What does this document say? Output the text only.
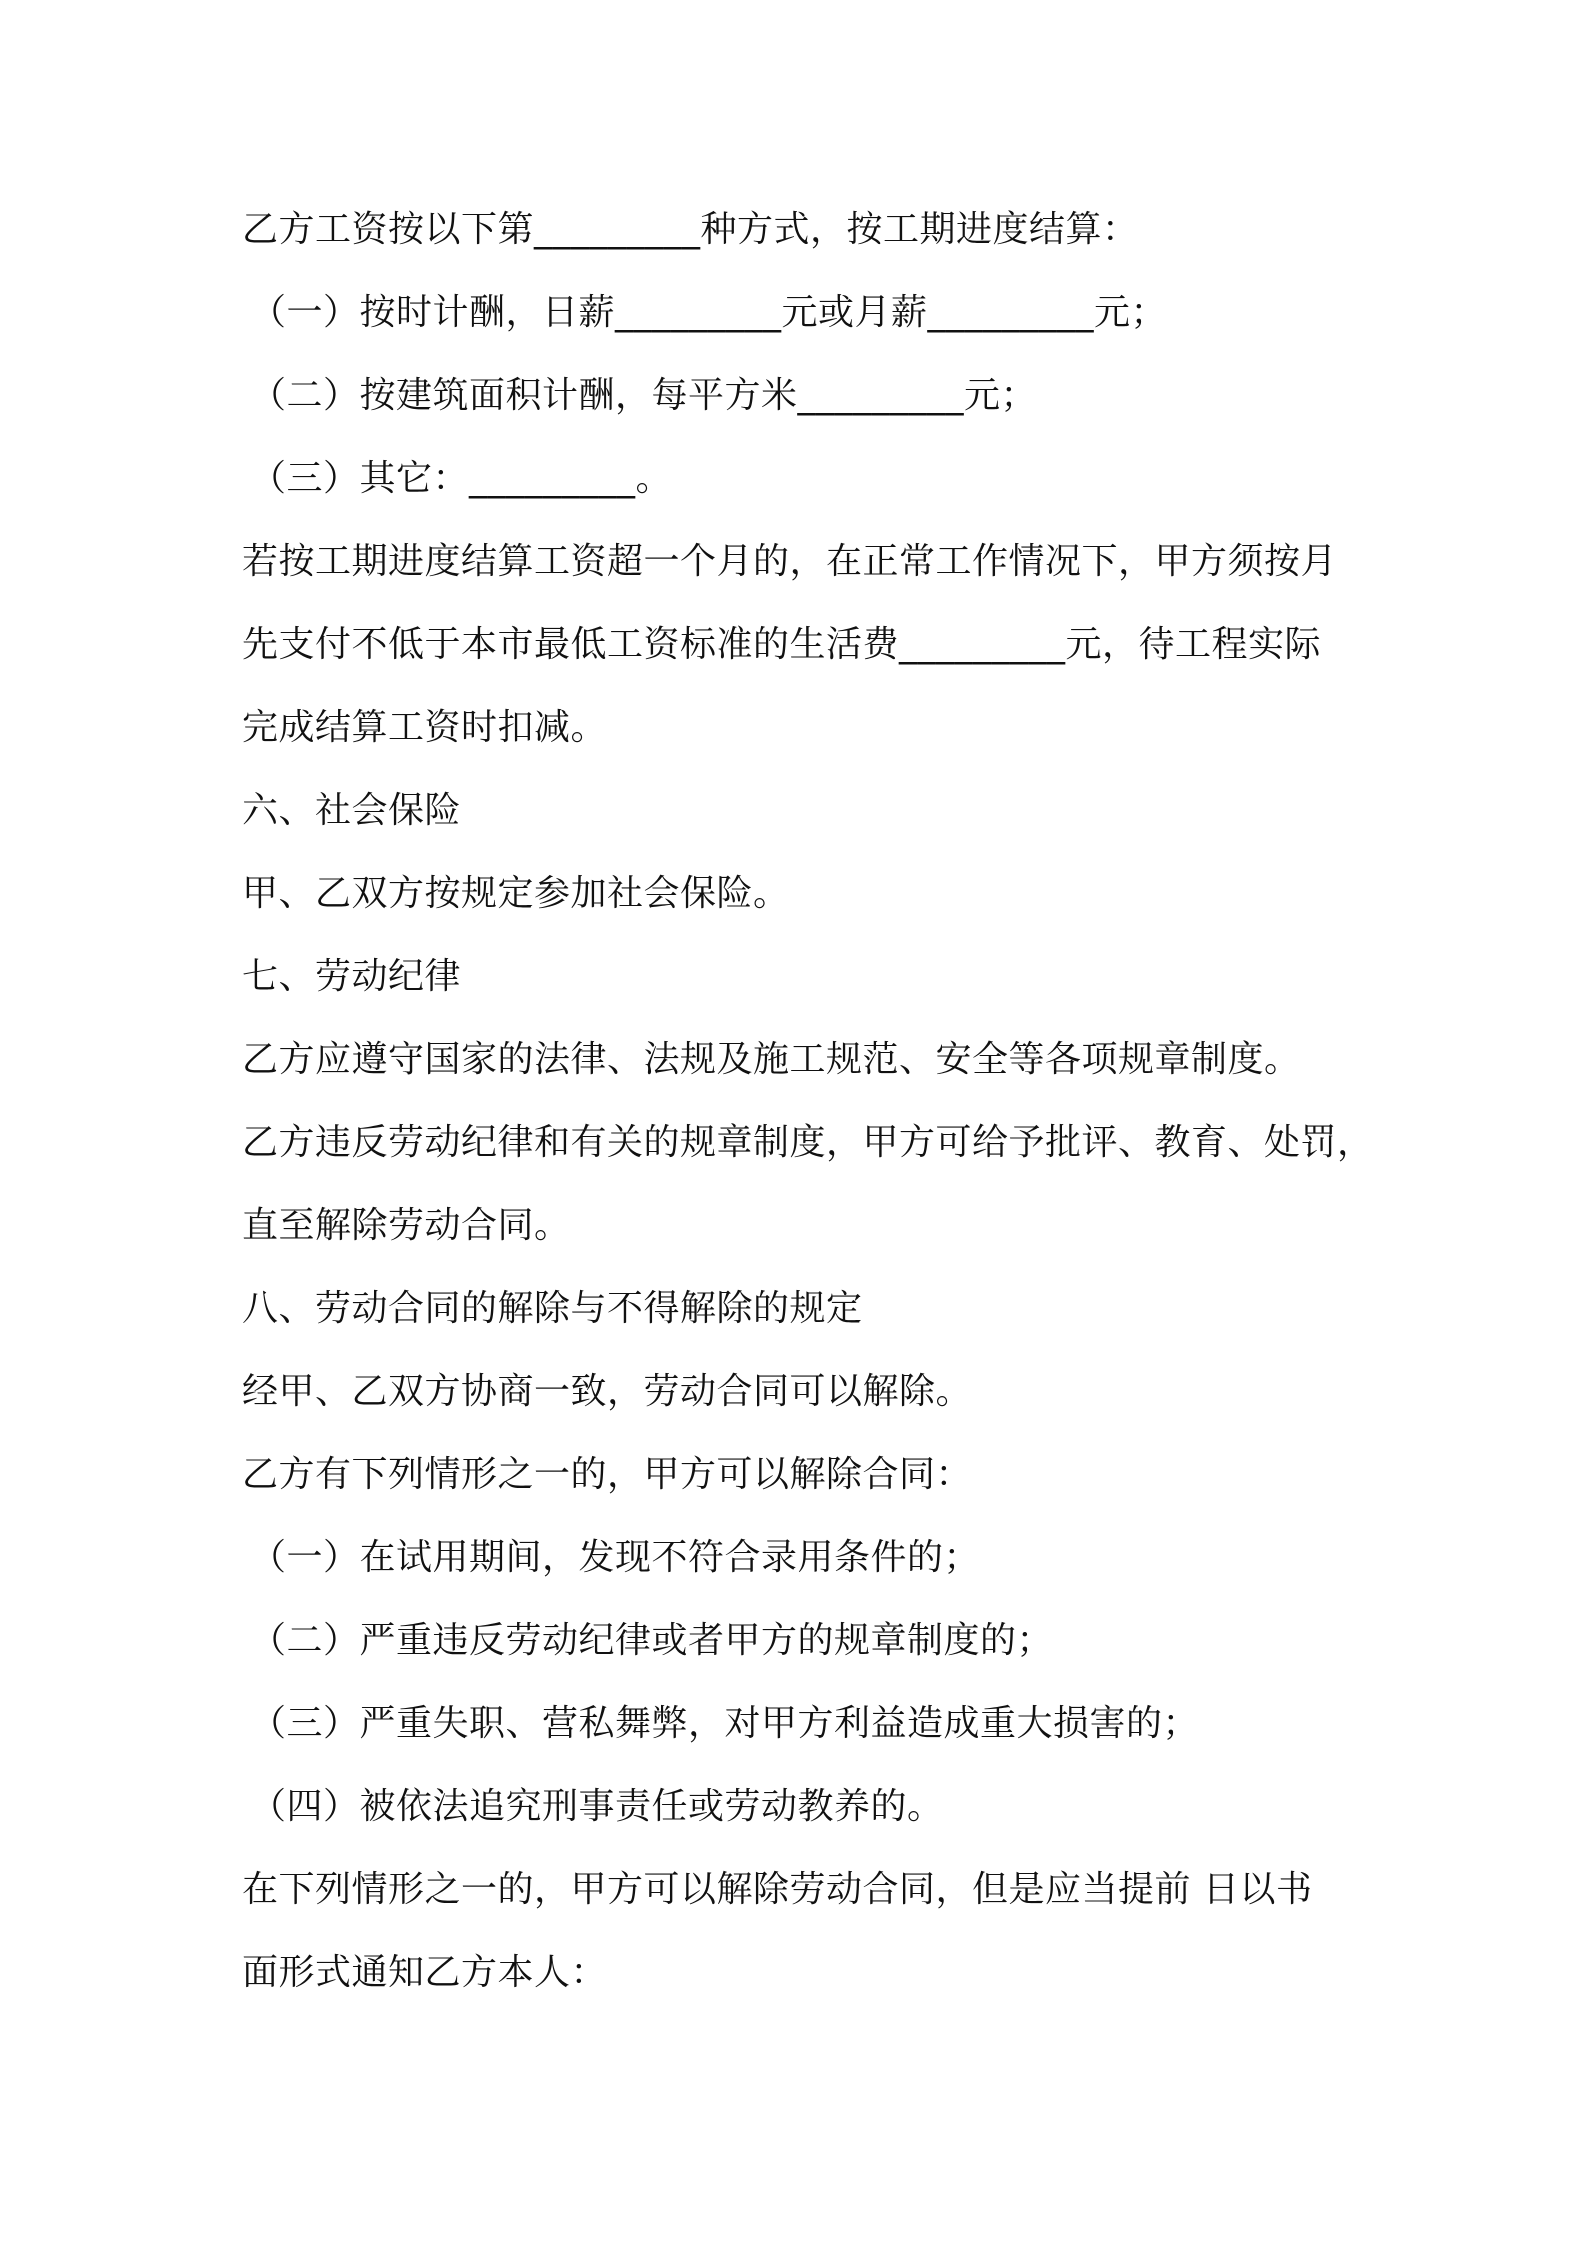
乙方工资按以下第_________种方式，按工期进度结算：

（一）按时计酬，日薪_________元或月薪_________元；

（二）按建筑面积计酬，每平方米_________元；

（三）其它：_________。

若按工期进度结算工资超一个月的，在正常工作情况下，甲方须按月

先支付不低于本市最低工资标准的生活费_________元，待工程实际

完成结算工资时扣减。

六、社会保险

甲、乙双方按规定参加社会保险。

七、劳动纪律

乙方应遵守国家的法律、法规及施工规范、安全等各项规章制度。

乙方违反劳动纪律和有关的规章制度，甲方可给予批评、教育、处罚，

直至解除劳动合同。

八、劳动合同的解除与不得解除的规定

经甲、乙双方协商一致，劳动合同可以解除。

乙方有下列情形之一的，甲方可以解除合同：

（一）在试用期间，发现不符合录用条件的；

（二）严重违反劳动纪律或者甲方的规章制度的；

（三）严重失职、营私舞弊，对甲方利益造成重大损害的；

（四）被依法追究刑事责任或劳动教养的。

在下列情形之一的，甲方可以解除劳动合同，但是应当提前 日以书

面形式通知乙方本人：
